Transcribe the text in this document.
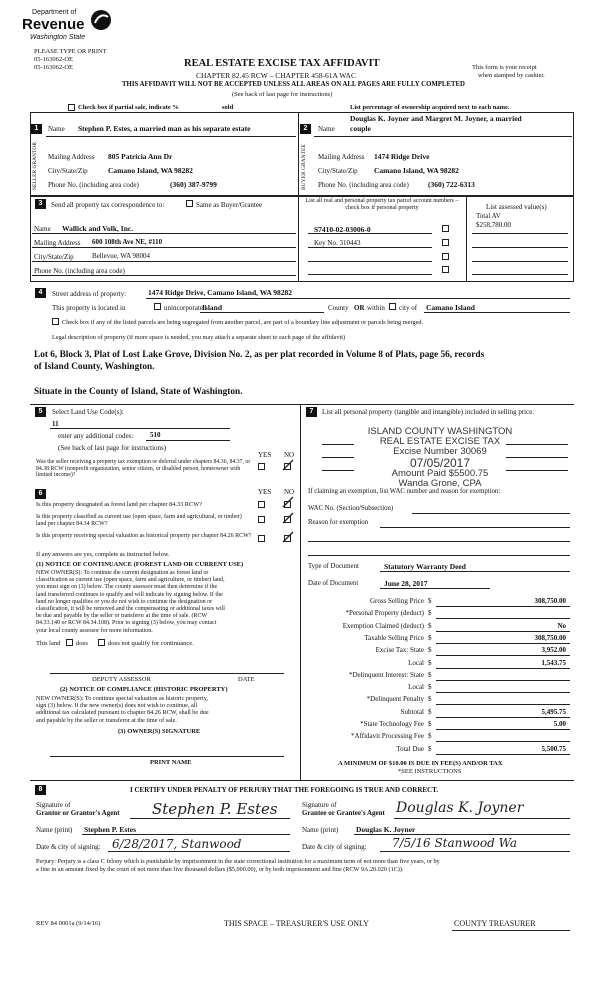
Department of
Revenue
Washington State
PLEASE TYPE OR PRINT
05-163062-OE
05-163062-OE	REAL ESTATE EXCISE TAX AFFIDAVIT
CHAPTER 82.45 RCW – CHAPTER 458-61A WAC
This form is your receipt
when stamped by cashier.
THIS AFFIDAVIT WILL NOT BE ACCEPTED UNLESS ALL AREAS ON ALL PAGES ARE FULLY COMPLETED
(See back of last page for instructions)
Check box if partial sale, indicate %	sold	List percentage of ownership acquired next to each name.
1
SELLER GRANTOR
Name Stephen P. Estes, a married man as his separate estate
Mailing Address 805 Patricia Ann Dr
City/State/Zip	Camano Island, WA 98282
Phone No. (including area code)	(360) 387-9799
2
BUYER GRANTEE
Name
Douglas K. Joyner and Margret M. Joyner, a married
couple
Mailing Address 1474 Ridge Drive
City/State/Zip Camano Island, WA 98282
Phone No. (including area code)	(360) 722-6313
3	Send all property tax correspondence to:	Same as Buyer/Grantee
Name Wallick and Volk, Inc.
Mailing Address 600 108th Ave NE, #110
City/State/Zip	Bellevue, WA 98004
Phone No. (including area code)
List all real and personal property tax parcel account numbers – check box if personal property	List assessed value(s)
S7410-02-03006-0
Key No. 310443
Total AV
$258,780.00
4	Street address of property:	1474 Ridge Drive, Camano Island, WA 98282
This property is located in	unincorporated
Island	County OR within city of Camano Island
Check box if any of the listed parcels are being segregated from another parcel, are part of a boundary line adjustment or parcels being merged.
Legal description of property (if more space is needed, you may attach a separate sheet to each page of the affidavit)
Lot 6, Block 3, Plat of Lost Lake Grove, Division No. 2, as per plat recorded in Volume 8 of Plats, page 56, records
of Island County, Washington.
Situate in the County of Island, State of Washington.
5	Select Land Use Code(s):
11
enter any additional codes: 510
(See back of last page for instructions)
YES NO
Was the seller receiving a property tax exemption or deferral under chapters 84.36, 84.37, or 84.38 RCW (nonprofit organization, senior citizen, or disabled person, homeowner with limited income)?
6	YES NO
Is this property designated as forest land per chapter 84.33 RCW?
Is this property classified as current use (open space, farm and agricultural, or timber) land per chapter 84.34 RCW?
Is this property receiving special valuation as historical property per chapter 84.26 RCW?
If any answers are yes, complete as instructed below.
(1) NOTICE OF CONTINUANCE (FOREST LAND OR CURRENT USE)
NEW OWNER(S): To continue the current designation as forest land or
classification as current use (open space, farm and agriculture, or timber) land,
you must sign on (3) below. The county assessor must then determine if the
land transferred continues to qualify and will indicate by signing below. If the
land no longer qualifies or you do not wish to continue the designation or
classification, it will be removed and the compensating or additional taxes will
be due and payable by the seller or transferor at the time of sale. (RCW
84.33.140 or RCW 84.34.108). Prior to signing (3) below, you may contact
your local county assessor for more information.
This land does	does not qualify for continuance.
DEPUTY ASSESSOR	DATE
(2) NOTICE OF COMPLIANCE (HISTORIC PROPERTY)
NEW OWNER(S): To continue special valuation as historic property,
sign (3) below. If the new owner(s) does not wish to continue, all
additional tax calculated pursuant to chapter 84.26 RCW, shall be due
and payable by the seller or transferor at the time of sale.
(3) OWNER(S) SIGNATURE
PRINT NAME
7	List all personal property (tangible and intangible) included in selling price.
ISLAND COUNTY WASHINGTON
REAL ESTATE EXCISE TAX
Excise Number 30069
07/05/2017
Amount Paid $5500.75
Wanda Grone, CPA
If claiming an exemption, list WAC number and reason for exemption:
WAC No. (Section/Subsection)
Reason for exemption
Type of Document	Statutory Warranty Deed
Date of Document	June 28, 2017
Gross Selling Price $	308,750.00
*Personal Property (deduct) $
Exemption Claimed (deduct) $	No
Taxable Selling Price $	308,750.00
Excise Tax: State $	3,952.00
Local $	1,543.75
*Delinquent Interest: State $
Local $
*Delinquent Penalty $
Subtotal $	5,495.75
*State Technology Fee $	5.00
*Affidavit Processing Fee $
Total Due $	5,500.75
A MINIMUM OF $10.00 IS DUE IN FEE(S) AND/OR TAX
*SEE INSTRUCTIONS
8	I CERTIFY UNDER PENALTY OF PERJURY THAT THE FOREGOING IS TRUE AND CORRECT.
Signature of
Grantor or Grantor's Agent Stephen P. Estes
Name (print) Stephen P. Estes
Date & city of signing: 6/28/2017, Stanwood
Signature of
Grantee or Grantee's Agent Douglas K. Joyner
Name (print) Douglas K. Joyner
Date & city of signing: 7/5/16 Stanwood Wa
Perjury: Perjury is a class C felony which is punishable by imprisonment in the state correctional institution for a maximum term of not more than five years, or by
a fine in an amount fixed by the court of not more than five thousand dollars ($5,000.00), or by both imprisonment and fine (RCW 9A.20.020 (1C)).
REV 84 0001a (9/14/16)	THIS SPACE – TREASURER'S USE ONLY	COUNTY TREASURER
